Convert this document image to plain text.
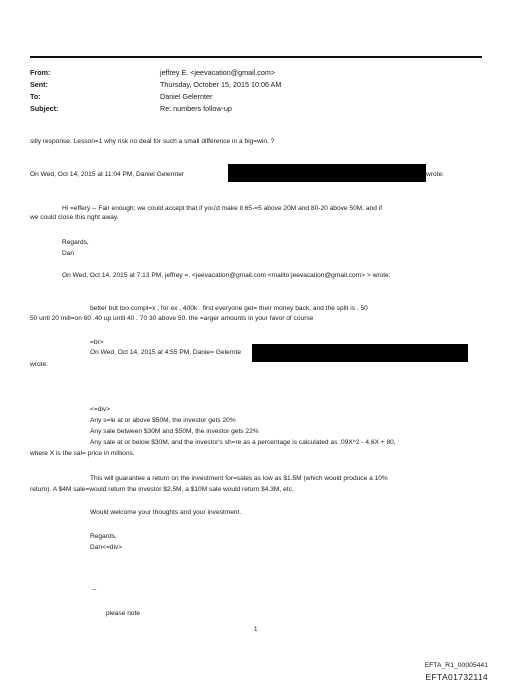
From:	jeffrey E. <jeevacation@gmail.com>
Sent:	Thursday, October 15, 2015 10:06 AM
To:	Daniel Gelernter
Subject:	Re: numbers follow-up
silly response. Lesson=1 why risk no deal for such a small difference in a big=win. ?
On Wed, Oct 14, 2015 at 11:04 PM, Daniel Gelernter	wrote:
Hi =effery -- Fair enough; we could accept that if you'd make it 65-=5 above 20M and 80-20 above 50M, and if
we could close this right away.
Regards,
Dan
On Wed, Oct 14, 2015 at 7:13 PM, jeffrey =. <jeevacation@gmail.com <mailto:jeevacation@gmail.com> > wrote:
better but too compl=x , for ex , 400k . first everyone get= their money back, and the split is . 50
50 untl 20 mill=on 60 .40 up until 40 . 70 30 above 50. the =arger amounts in your favor of course
=br>
On Wed, Oct 14, 2015 at 4:55 PM, Danie= Gelernte
wrote:
<=div>
Any s=le at or above $50M, the investor gets 20%
Any sale between $30M and $50M, the investor gets 22%
Any sale at or below $30M, and the investor's sh=re as a percentage is calculated as .09X^2 - 4.6X + 80,
where X is the sal= price in millions.
This will guarantee a return on the investment for=sales as low as $1.5M (which would produce a 10%
return). A $4M sale=would return the investor $2.5M, a $10M sale would return $4.3M, etc.
Would welcome your thoughts and your investment.
Regards,
Dan<=div>
--
please note
1
EFTA_R1_00005441
EFTA01732114
